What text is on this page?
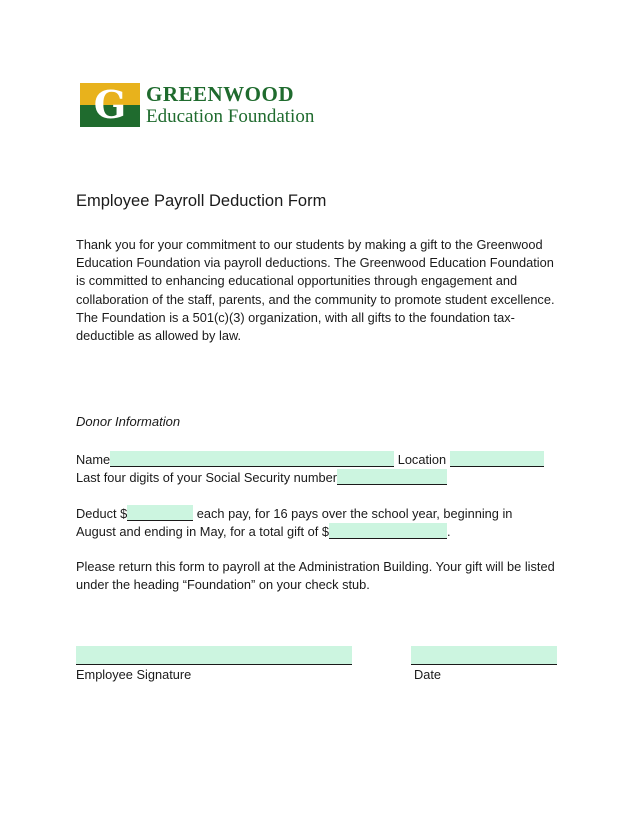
G GREENWOOD
Education Foundation
Employee Payroll Deduction Form
Thank you for your commitment to our students by making a gift to the Greenwood Education Foundation via payroll deductions. The Greenwood Education Foundation is committed to enhancing educational opportunities through engagement and collaboration of the staff, parents, and the community to promote student excellence. The Foundation is a 501(c)(3) organization, with all gifts to the foundation tax-deductible as allowed by law.
Donor Information
Name	Location
Last four digits of your Social Security number
Deduct $	each pay, for 16 pays over the school year, beginning in
August and ending in May, for a total gift of $	.
Please return this form to payroll at the Administration Building. Your gift will be listed under the heading “Foundation” on your check stub.
Employee Signature	Date
